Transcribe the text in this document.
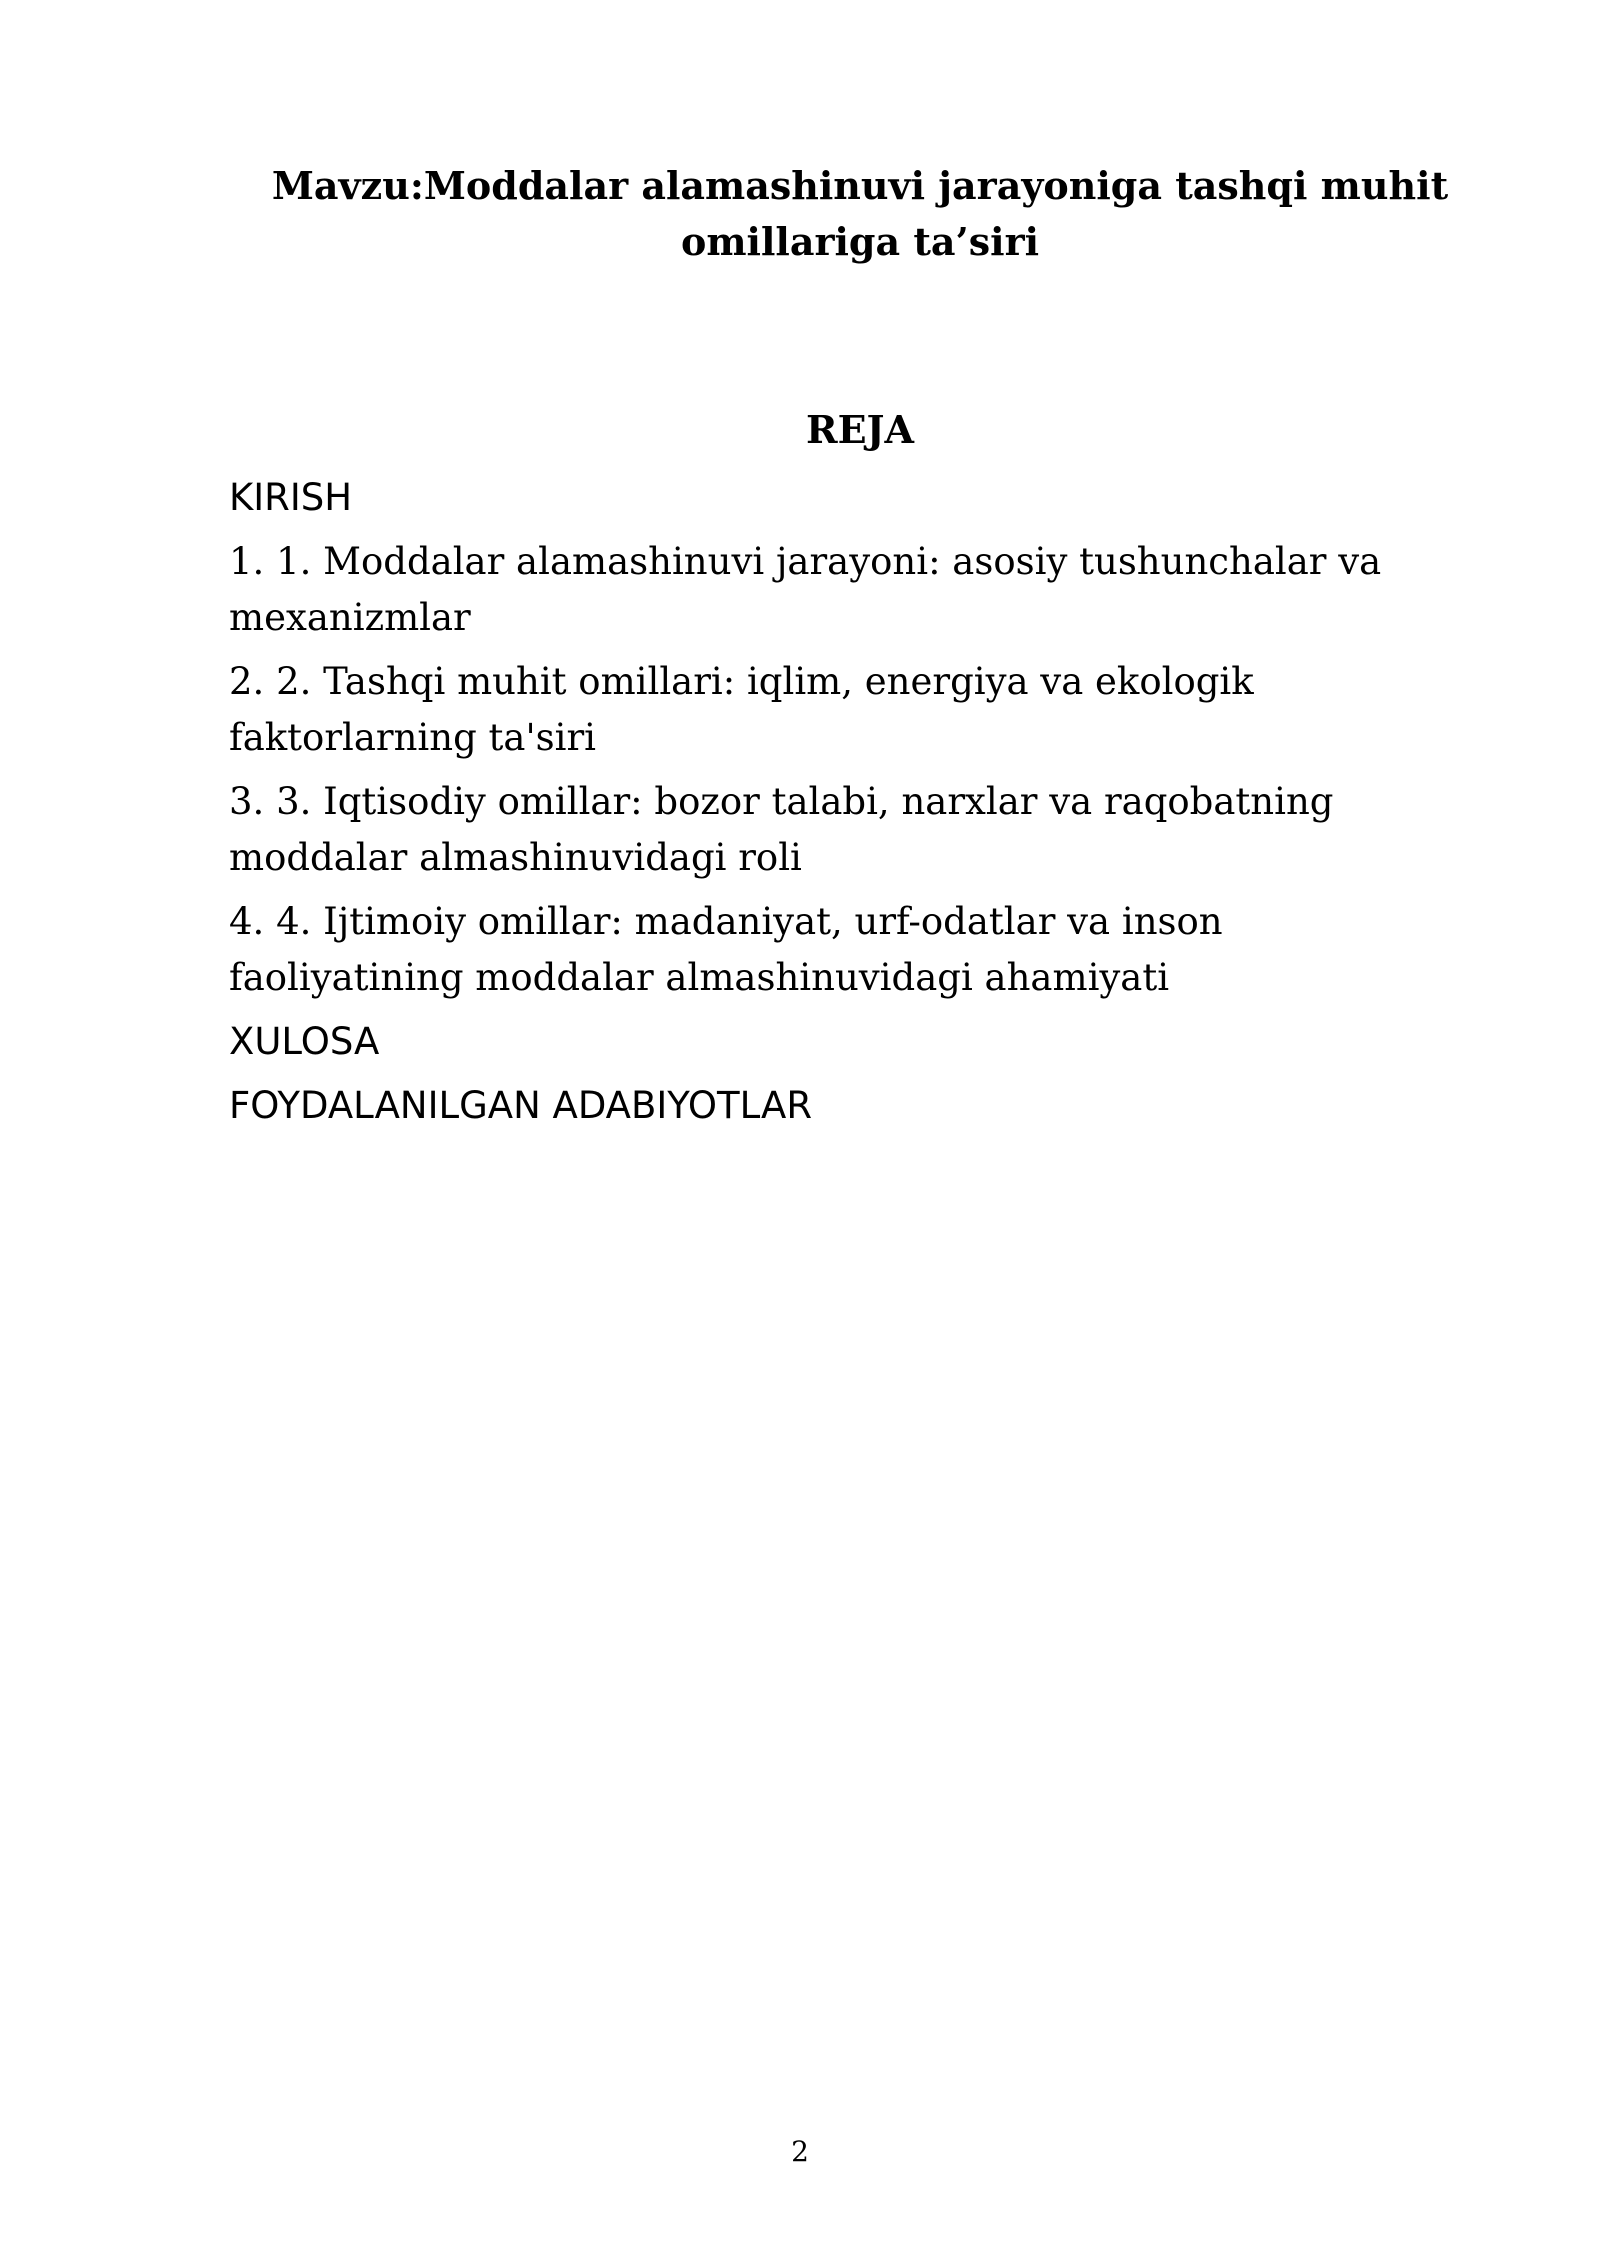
Mavzu:Moddalar alamashinuvi jarayoniga tashqi muhit
omillariga ta’siri
REJA
KIRISH
1. 1. Moddalar alamashinuvi jarayoni: asosiy tushunchalar va
mexanizmlar
2. 2. Tashqi muhit omillari: iqlim, energiya va ekologik
faktorlarning ta'siri
3. 3. Iqtisodiy omillar: bozor talabi, narxlar va raqobatning
moddalar almashinuvidagi roli
4. 4. Ijtimoiy omillar: madaniyat, urf-odatlar va inson
faoliyatining moddalar almashinuvidagi ahamiyati
XULOSA
FOYDALANILGAN ADABIYOTLAR
2
